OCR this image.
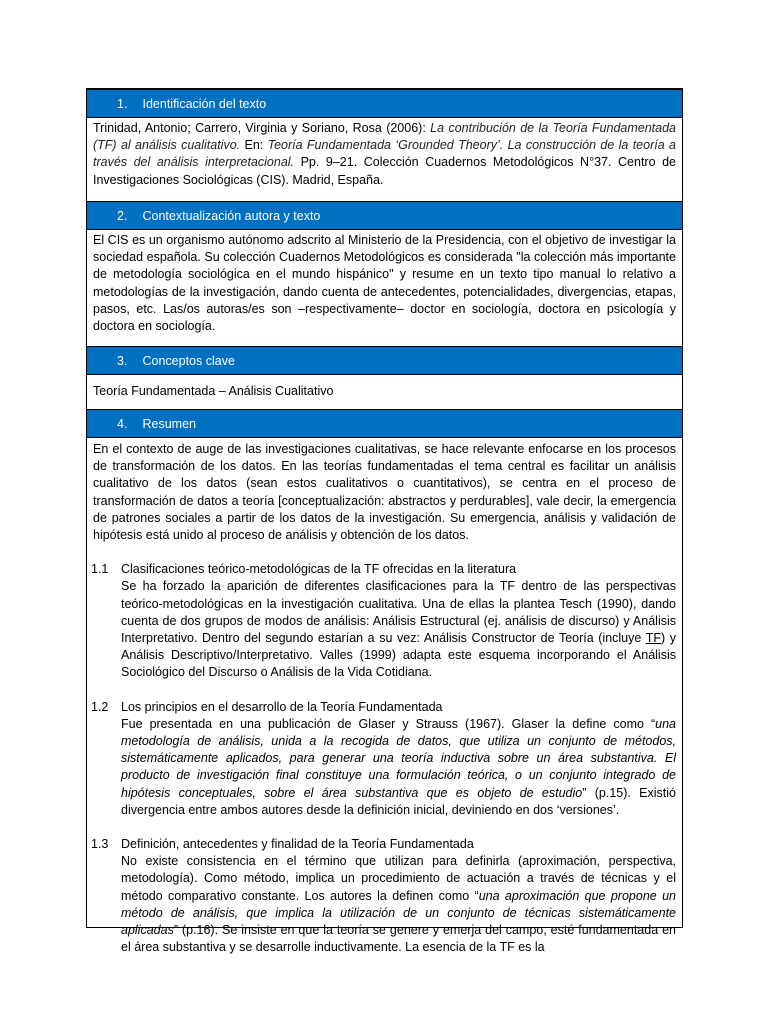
1. Identificación del texto

Trinidad, Antonio; Carrero, Virginia y Soriano, Rosa (2006): La contribución de la Teoría Fundamentada (TF) al análisis cualitativo. En: Teoría Fundamentada ‘Grounded Theory’. La construcción de la teoría a través del análisis interpretacional. Pp. 9–21. Colección Cuadernos Metodológicos N°37. Centro de Investigaciones Sociológicas (CIS). Madrid, España.

2. Contextualización autora y texto

El CIS es un organismo autónomo adscrito al Ministerio de la Presidencia, con el objetivo de investigar la sociedad española. Su colección Cuadernos Metodológicos es considerada "la colección más importante de metodología sociológica en el mundo hispánico" y resume en un texto tipo manual lo relativo a metodologías de la investigación, dando cuenta de antecedentes, potencialidades, divergencias, etapas, pasos, etc. Las/os autoras/es son –respectivamente– doctor en sociología, doctora en psicología y doctora en sociología.

3. Conceptos clave

Teoría Fundamentada – Análisis Cualitativo

4. Resumen

En el contexto de auge de las investigaciones cualitativas, se hace relevante enfocarse en los procesos de transformación de los datos. En las teorías fundamentadas el tema central es facilitar un análisis cualitativo de los datos (sean estos cualitativos o cuantitativos), se centra en el proceso de transformación de datos a teoría [conceptualización: abstractos y perdurables], vale decir, la emergencia de patrones sociales a partir de los datos de la investigación. Su emergencia, análisis y validación de hipótesis está unido al proceso de análisis y obtención de los datos.

1.1 Clasificaciones teórico-metodológicas de la TF ofrecidas en la literatura
Se ha forzado la aparición de diferentes clasificaciones para la TF dentro de las perspectivas teórico-metodológicas en la investigación cualitativa. Una de ellas la plantea Tesch (1990), dando cuenta de dos grupos de modos de análisis: Análisis Estructural (ej. análisis de discurso) y Análisis Interpretativo. Dentro del segundo estarían a su vez: Análisis Constructor de Teoría (incluye TF) y Análisis Descriptivo/Interpretativo. Valles (1999) adapta este esquema incorporando el Análisis Sociológico del Discurso o Análisis de la Vida Cotidiana.
1.2 Los principios en el desarrollo de la Teoría Fundamentada
Fue presentada en una publicación de Glaser y Strauss (1967). Glaser la define como “una metodología de análisis, unida a la recogida de datos, que utiliza un conjunto de métodos, sistemáticamente aplicados, para generar una teoría inductiva sobre un área substantiva. El producto de investigación final constituye una formulación teórica, o un conjunto integrado de hipótesis conceptuales, sobre el área substantiva que es objeto de estudio” (p.15). Existió divergencia entre ambos autores desde la definición inicial, deviniendo en dos ‘versiones’.
1.3 Definición, antecedentes y finalidad de la Teoría Fundamentada
No existe consistencia en el término que utilizan para definirla (aproximación, perspectiva, metodología). Como método, implica un procedimiento de actuación a través de técnicas y el método comparativo constante. Los autores la definen como “una aproximación que propone un método de análisis, que implica la utilización de un conjunto de técnicas sistemáticamente aplicadas” (p.16). Se insiste en que la teoría se genere y emerja del campo, esté fundamentada en el área substantiva y se desarrolle inductivamente. La esencia de la TF es la
